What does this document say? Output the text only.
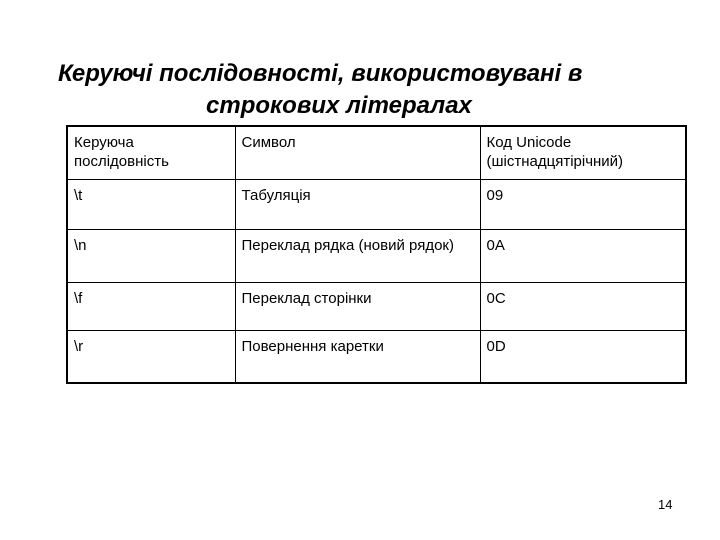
Керуючі послідовності, використовувані в
строкових літералах
Керуюча послідовність	Символ	Код Unicode (шістнадцятірічний)
\t	Табуляція	09
\n	Переклад рядка (новий рядок)	0A
\f	Переклад сторінки	0C
\r	Повернення каретки	0D
14
